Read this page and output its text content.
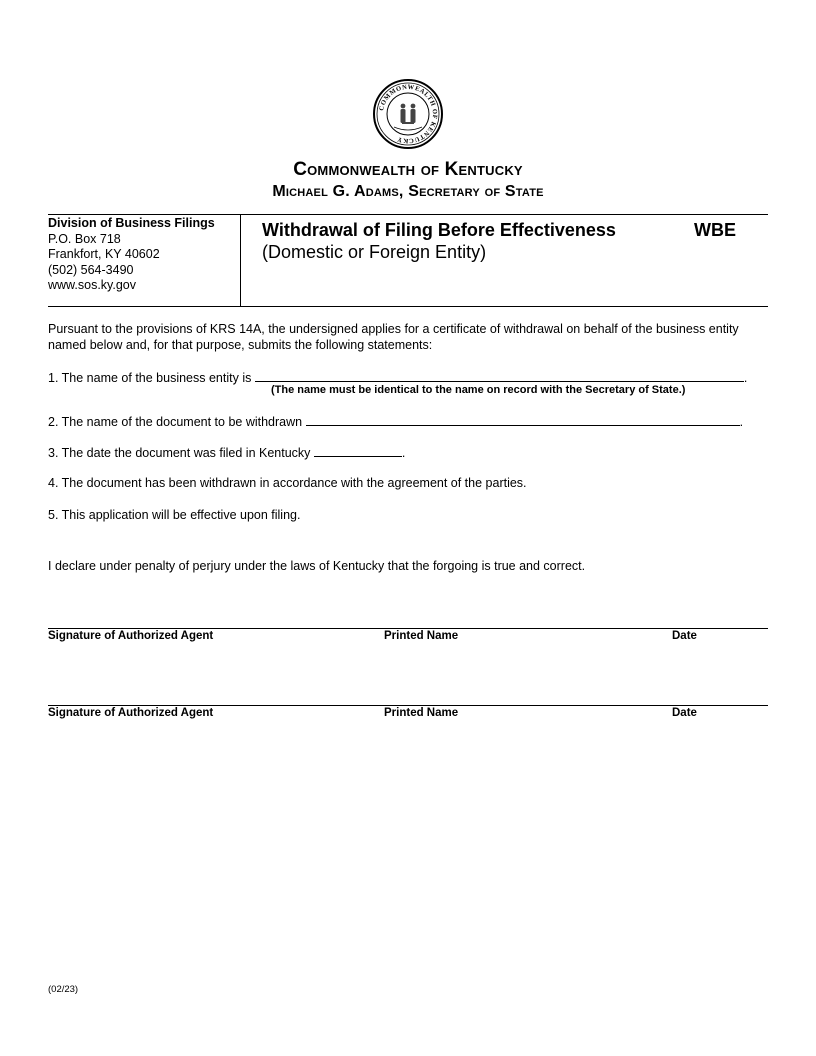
COMMONWEALTH OF KENTUCKY
Commonwealth of Kentucky
Michael G. Adams, Secretary of State
Division of Business Filings
P.O. Box 718
Frankfort, KY 40602
(502) 564-3490
www.sos.ky.gov
Withdrawal of Filing Before Effectiveness	WBE
(Domestic or Foreign Entity)
Pursuant to the provisions of KRS 14A, the undersigned applies for a certificate of withdrawal on behalf of the business entity named below and, for that purpose, submits the following statements:
1. The name of the business entity is	.
(The name must be identical to the name on record with the Secretary of State.)
2. The name of the document to be withdrawn	.
3. The date the document was filed in Kentucky	.
4. The document has been withdrawn in accordance with the agreement of the parties.
5. This application will be effective upon filing.
I declare under penalty of perjury under the laws of Kentucky that the forgoing is true and correct.
Signature of Authorized Agent	Printed Name	Date
Signature of Authorized Agent	Printed Name	Date
(02/23)
